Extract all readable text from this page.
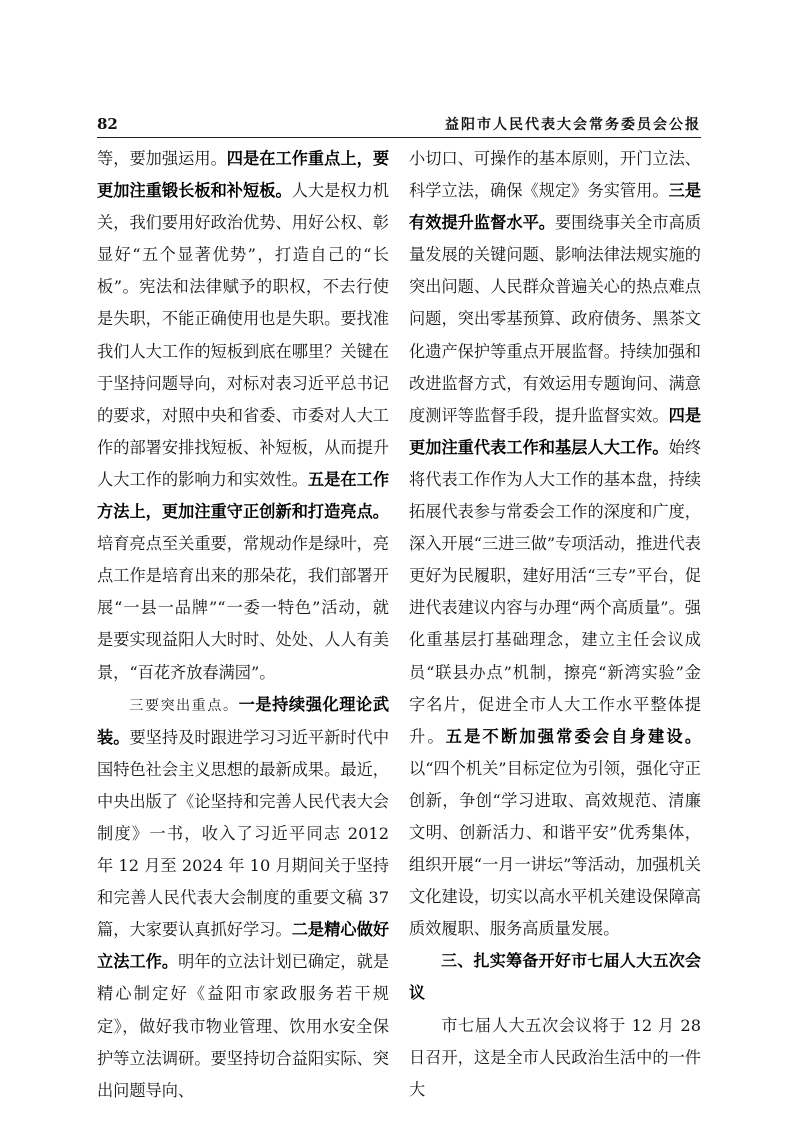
82	益阳市人民代表大会常务委员会公报

等，要加强运用。四是在工作重点上，要更加注重锻长板和补短板。人大是权力机关，我们要用好政治优势、用好公权、彰显好“五个显著优势”，打造自己的“长板”。宪法和法律赋予的职权，不去行使是失职，不能正确使用也是失职。要找准我们人大工作的短板到底在哪里？关键在于坚持问题导向，对标对表习近平总书记的要求，对照中央和省委、市委对人大工作的部署安排找短板、补短板，从而提升人大工作的影响力和实效性。五是在工作方法上，更加注重守正创新和打造亮点。培育亮点至关重要，常规动作是绿叶，亮点工作是培育出来的那朵花，我们部署开展“一县一品牌”“一委一特色”活动，就是要实现益阳人大时时、处处、人人有美景，“百花齐放春满园”。

三要突出重点。一是持续强化理论武装。要坚持及时跟进学习习近平新时代中国特色社会主义思想的最新成果。最近，中央出版了《论坚持和完善人民代表大会制度》一书，收入了习近平同志 2012 年 12 月至 2024 年 10 月期间关于坚持和完善人民代表大会制度的重要文稿 37 篇，大家要认真抓好学习。二是精心做好立法工作。明年的立法计划已确定，就是精心制定好《益阳市家政服务若干规定》，做好我市物业管理、饮用水安全保护等立法调研。要坚持切合益阳实际、突出问题导向、

小切口、可操作的基本原则，开门立法、科学立法，确保《规定》务实管用。三是有效提升监督水平。要围绕事关全市高质量发展的关键问题、影响法律法规实施的突出问题、人民群众普遍关心的热点难点问题，突出零基预算、政府债务、黑茶文化遗产保护等重点开展监督。持续加强和改进监督方式，有效运用专题询问、满意度测评等监督手段，提升监督实效。四是更加注重代表工作和基层人大工作。始终将代表工作作为人大工作的基本盘，持续拓展代表参与常委会工作的深度和广度，深入开展“三进三做”专项活动，推进代表更好为民履职，建好用活“三专”平台，促进代表建议内容与办理“两个高质量”。强化重基层打基础理念，建立主任会议成员“联县办点”机制，擦亮“新湾实验”金字名片，促进全市人大工作水平整体提升。五是不断加强常委会自身建设。以“四个机关”目标定位为引领，强化守正创新，争创“学习进取、高效规范、清廉文明、创新活力、和谐平安”优秀集体，组织开展“一月一讲坛”等活动，加强机关文化建设，切实以高水平机关建设保障高质效履职、服务高质量发展。

三、扎实筹备开好市七届人大五次会议

市七届人大五次会议将于 12 月 28 日召开，这是全市人民政治生活中的一件大
